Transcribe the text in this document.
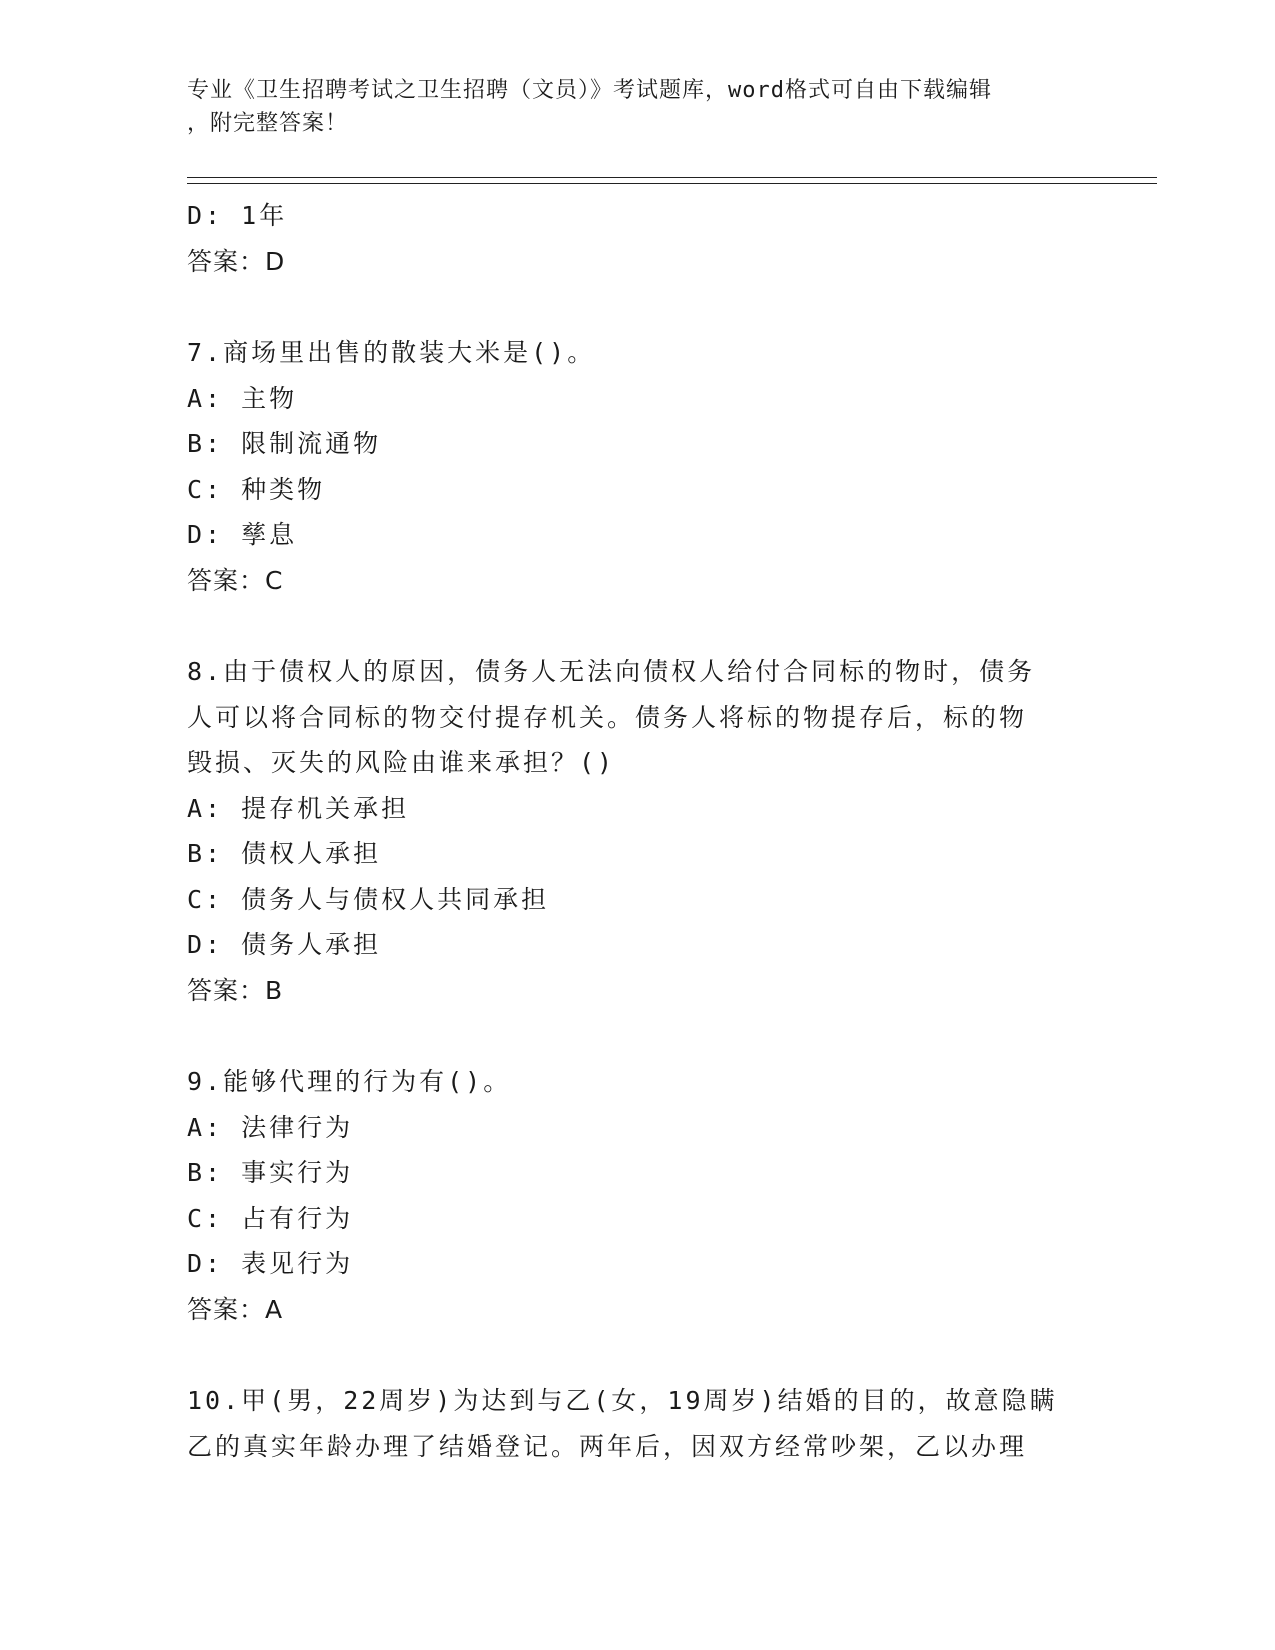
专业《卫生招聘考试之卫生招聘（文员）》考试题库，word格式可自由下载编辑
，附完整答案！
D: 1年
答案：D
7.商场里出售的散装大米是()。
A: 主物
B: 限制流通物
C: 种类物
D: 孳息
答案：C
8.由于债权人的原因，债务人无法向债权人给付合同标的物时，债务
人可以将合同标的物交付提存机关。债务人将标的物提存后，标的物
毁损、灭失的风险由谁来承担？()
A: 提存机关承担
B: 债权人承担
C: 债务人与债权人共同承担
D: 债务人承担
答案：B
9.能够代理的行为有()。
A: 法律行为
B: 事实行为
C: 占有行为
D: 表见行为
答案：A
10.甲(男，22周岁)为达到与乙(女，19周岁)结婚的目的，故意隐瞒
乙的真实年龄办理了结婚登记。两年后，因双方经常吵架，乙以办理
